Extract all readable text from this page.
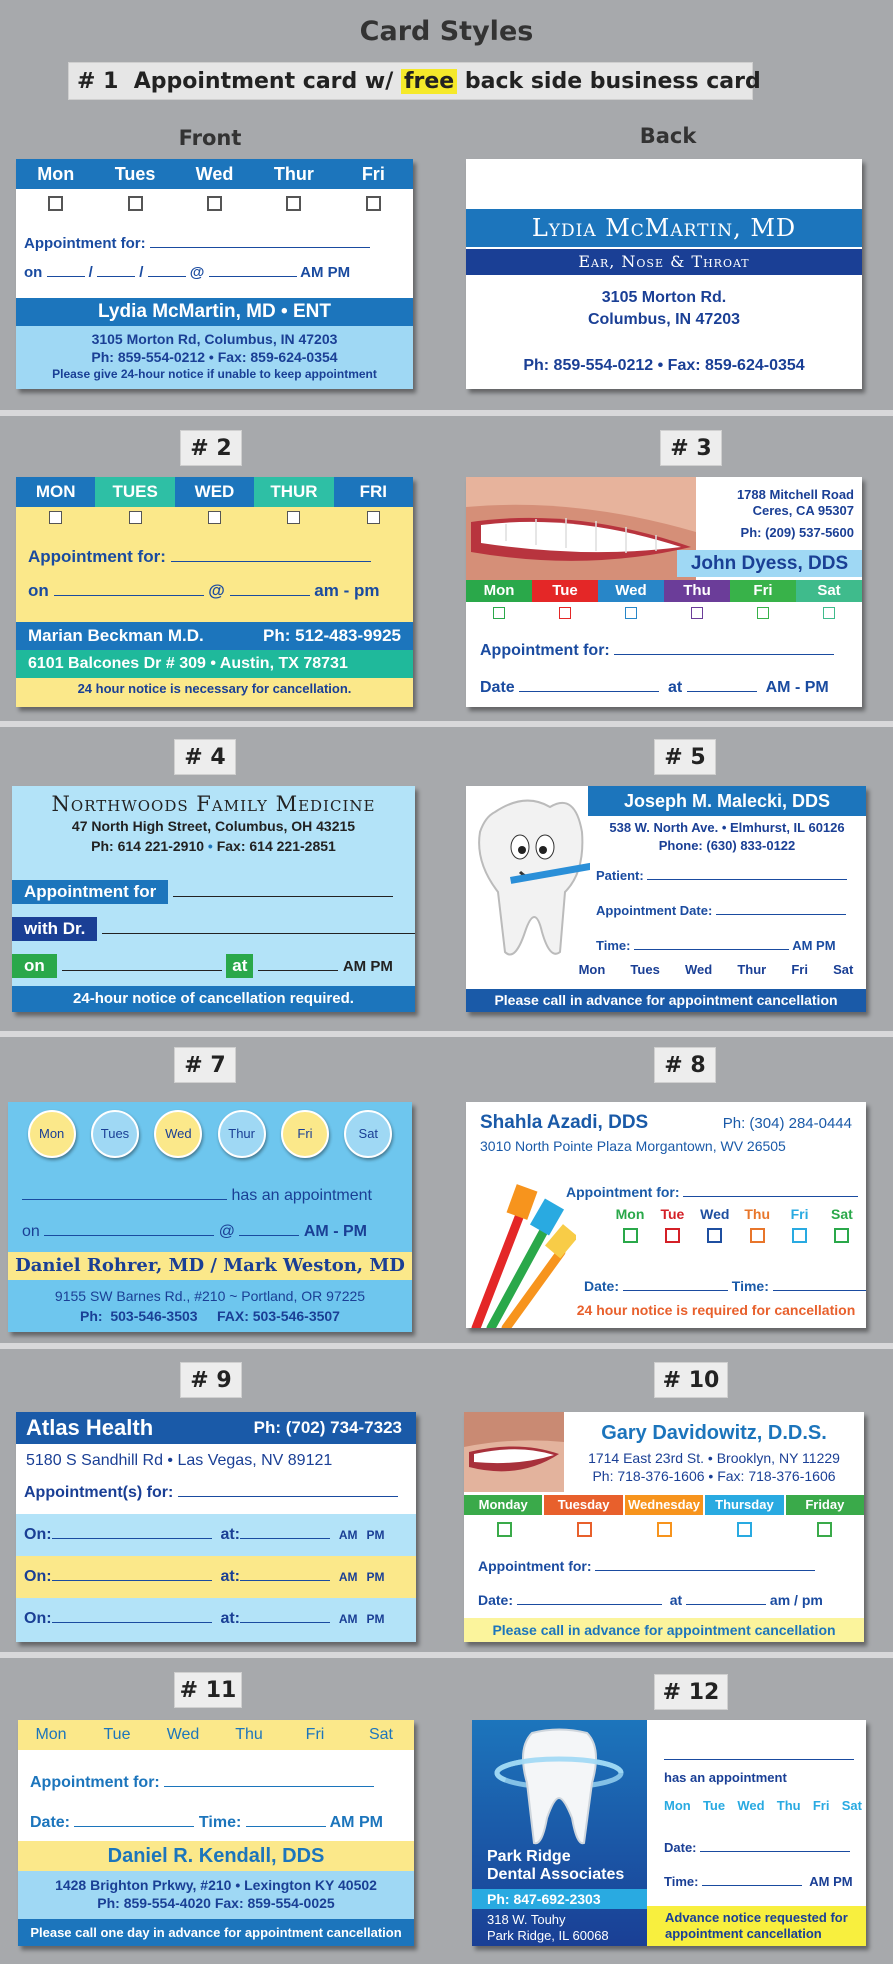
Card Styles
# 1 Appointment card w/ free back side business card
Front	Back
# 2	# 3
# 4	# 5
# 7	# 8
# 9	# 10
# 11	# 12
Mon	Tues	Wed	Thur	Fri
Appointment for:
on	/	/	@	AM PM
Lydia McMartin, MD • ENT
3105 Morton Rd, Columbus, IN 47203
Ph: 859-554-0212 • Fax: 859-624-0354
Please give 24-hour notice if unable to keep appointment
Lydia McMartin, MD
Ear, Nose & Throat
3105 Morton Rd.
Columbus, IN 47203
Ph: 859-554-0212 • Fax: 859-624-0354
MON	TUES	WED	THUR	FRI
Appointment for:
on	@	am - pm
Marian Beckman M.D.	Ph: 512-483-9925
6101 Balcones Dr # 309 • Austin, TX 78731
24 hour notice is necessary for cancellation.
1788 Mitchell Road
Ceres, CA 95307
Ph: (209) 537-5600
John Dyess, DDS
Mon	Tue	Wed	Thu	Fri	Sat
Appointment for:
Date	at	AM - PM
Northwoods Family Medicine
47 North High Street, Columbus, OH 43215
Ph: 614 221-2910 • Fax: 614 221-2851
Appointment for
with Dr.
on	at	AM PM
24-hour notice of cancellation required.
Joseph M. Malecki, DDS
538 W. North Ave. • Elmhurst, IL 60126
Phone: (630) 833-0122
Patient:
Appointment Date:
Time:	AM PM
Mon Tues Wed Thur Fri Sat
Please call in advance for appointment cancellation
Mon	Tues	Wed	Thur	Fri	Sat
has an appointment
on	@	AM - PM
Daniel Rohrer, MD / Mark Weston, MD
9155 SW Barnes Rd., #210 ~ Portland, OR 97225
Ph:  503-546-3503     FAX: 503-546-3507
Shahla Azadi, DDS	Ph: (304) 284-0444
3010 North Pointe Plaza Morgantown, WV 26505
Appointment for:
Mon	Tue	Wed	Thu	Fri	Sat
Date:	Time:
24 hour notice is required for cancellation
Atlas Health	Ph: (702) 734-7323
5180 S Sandhill Rd • Las Vegas, NV 89121
Appointment(s) for:
On:	at:	AM PM
On:	at:	AM PM
On:	at:	AM PM
Gary Davidowitz, D.D.S.
1714 East 23rd St. • Brooklyn, NY 11229
Ph: 718-376-1606 • Fax: 718-376-1606
Monday	Tuesday	Wednesday	Thursday	Friday
Appointment for:
Date:	at	am / pm
Please call in advance for appointment cancellation
Mon	Tue	Wed	Thu	Fri	Sat
Appointment for:
Date:	Time:	AM PM
Daniel R. Kendall, DDS
1428 Brighton Prkwy, #210 • Lexington KY 40502
Ph: 859-554-4020 Fax: 859-554-0025
Please call one day in advance for appointment cancellation
Park Ridge
Dental Associates
Ph: 847-692-2303
318 W. Touhy
Park Ridge, IL 60068
has an appointment
Mon Tue Wed Thu Fri Sat
Date:
Time:	AM PM
Advance notice requested for
appointment cancellation
